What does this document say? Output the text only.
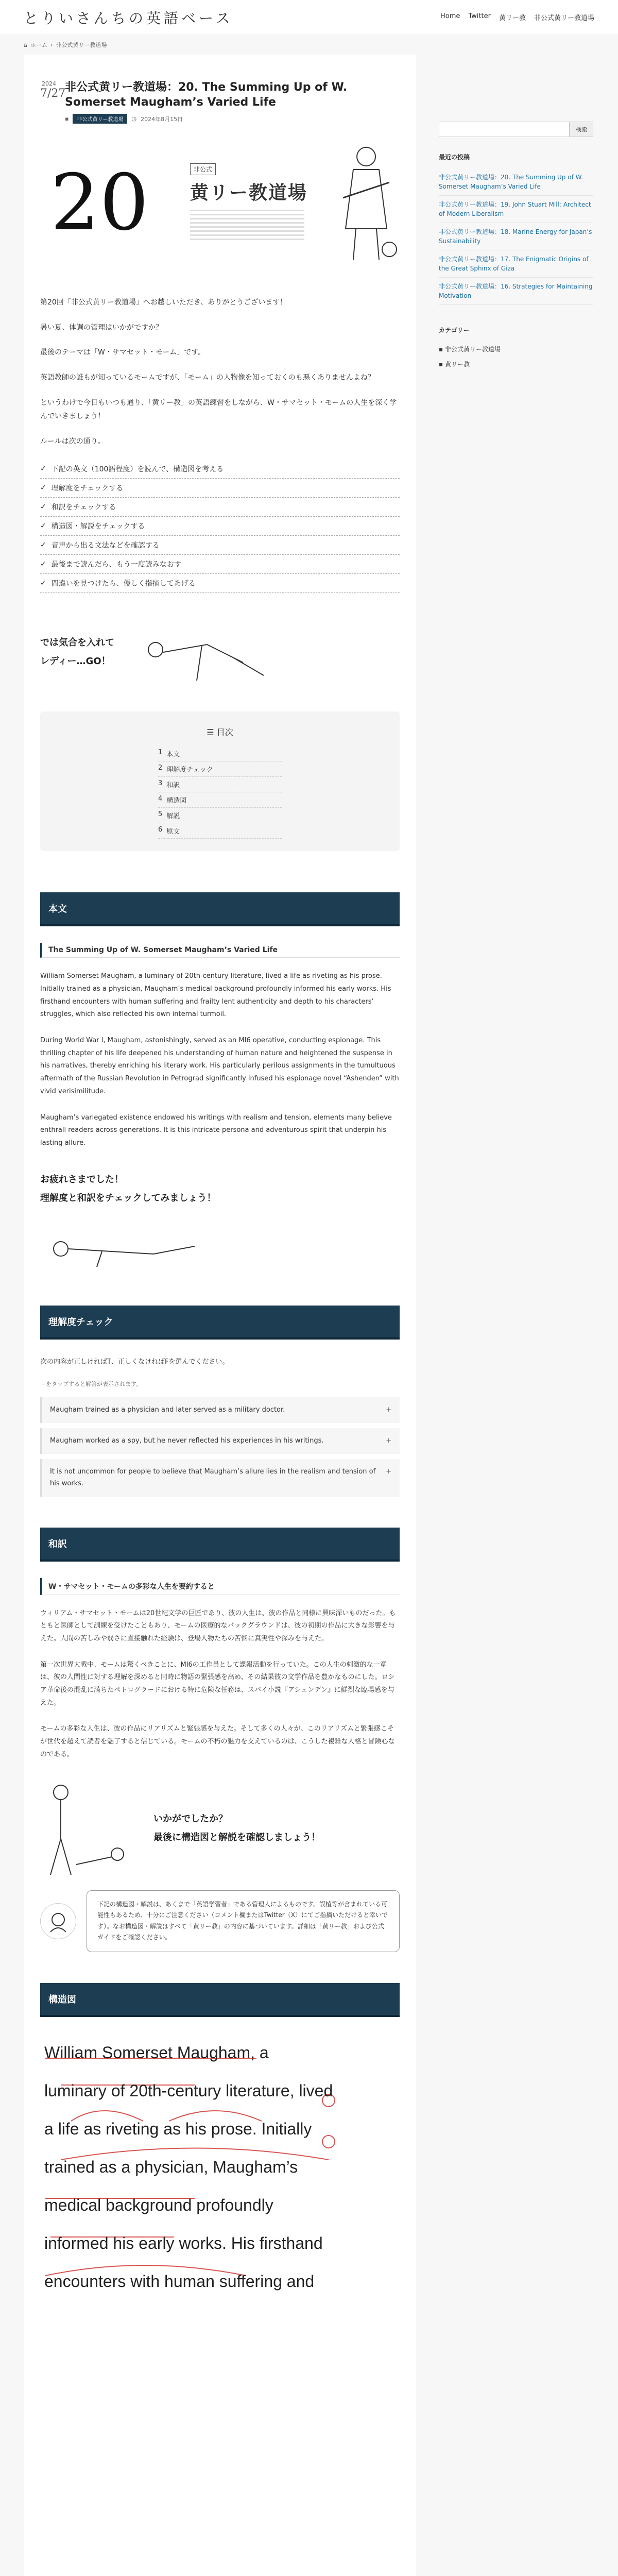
とりいさんちの英語ベース	Home Twitter 黄リー教 非公式黄リー教道場
⌂ ホーム › 非公式黄リー教道場
2024
7/27
非公式黄リー教道場：20. The Summing Up of W. Somerset Maugham’s Varied Life
▪	非公式黄リー教道場	◷ 2024年8月15日
20	非公式
黄リー教道場

第20回「非公式黄リー教道場」へお越しいただき、ありがとうございます！

暑い夏、体調の管理はいかがですか？

最後のテーマは「W・サマセット・モーム」です。

英語教師の誰もが知っているモームですが、「モーム」の人物像を知っておくのも悪くありませんよね？

というわけで今日もいつも通り、「黄リー教」の英語練習をしながら、W・サマセット・モームの人生を深く学んでいきましょう！

ルールは次の通り。

✓ 下記の英文（100語程度）を読んで、構造図を考える
✓ 理解度をチェックする
✓ 和訳をチェックする
✓ 構造図・解説をチェックする
✓ 音声から出る文法などを確認する
✓ 最後まで読んだら、もう一度読みなおす
✓ 間違いを見つけたら、優しく指摘してあげる
では気合を入れて
レディー…GO！
☰ 目次
1 本文
2 理解度チェック
3 和訳
4 構造図
5 解説
6 原文
本文
The Summing Up of W. Somerset Maugham’s Varied Life

William Somerset Maugham, a luminary of 20th-century literature, lived a life as riveting as his prose. Initially trained as a physician, Maugham’s medical background profoundly informed his early works. His firsthand encounters with human suffering and frailty lent authenticity and depth to his characters’ struggles, which also reflected his own internal turmoil.

During World War I, Maugham, astonishingly, served as an MI6 operative, conducting espionage. This thrilling chapter of his life deepened his understanding of human nature and heightened the suspense in his narratives, thereby enriching his literary work. His particularly perilous assignments in the tumultuous aftermath of the Russian Revolution in Petrograd significantly infused his espionage novel “Ashenden” with vivid verisimilitude.

Maugham’s variegated existence endowed his writings with realism and tension, elements many believe enthrall readers across generations. It is this intricate persona and adventurous spirit that underpin his lasting allure.

お疲れさまでした！
理解度と和訳をチェックしてみましょう！
理解度チェック

次の内容が正しければT、正しくなければFを選んでください。

＋をタップすると解答が表示されます。

Maugham trained as a physician and later served as a military doctor.	+
Maugham worked as a spy, but he never reflected his experiences in his writings.	+
It is not uncommon for people to believe that Maugham’s allure lies in the realism and tension of his works.
+
和訳
W・サマセット・モームの多彩な人生を要約すると

ウィリアム・サマセット・モームは20世紀文学の巨匠であり、彼の人生は、彼の作品と同様に興味深いものだった。もともと医師として訓練を受けたこともあり、モームの医療的なバックグラウンドは、彼の初期の作品に大きな影響を与えた。人間の苦しみや弱さに直接触れた経験は、登場人物たちの苦悩に真実性や深みを与えた。

第一次世界大戦中、モームは驚くべきことに、MI6の工作員として諜報活動を行っていた。この人生の刺激的な一章は、彼の人間性に対する理解を深めると同時に物語の緊張感を高め、その結果彼の文学作品を豊かなものにした。ロシア革命後の混乱に満ちたペトログラードにおける特に危険な任務は、スパイ小説『アシェンデン』に鮮烈な臨場感を与えた。

モームの多彩な人生は、彼の作品にリアリズムと緊張感を与えた。そして多くの人々が、このリアリズムと緊張感こそが世代を超えて読者を魅了すると信じている。モームの不朽の魅力を支えているのは、こうした複雑な人格と冒険心なのである。

いかがでしたか？
最後に構造図と解説を確認しましょう！
下記の構造図・解説は、あくまで「英語学習者」である管理人によるものです。誤植等が含まれている可能性もあるため、十分にご注意ください（コメント欄またはTwitter（X）にてご指摘いただけると幸いです）。なお構造図・解説はすべて「黄リー教」の内容に基づいています。詳細は「黄リー教」および公式ガイドをご確認ください。
構造図
William Somerset Maugham, a
luminary of 20th-century literature, lived
a life as riveting as his prose. Initially
trained as a physician, Maugham’s
medical background profoundly
informed his early works. His firsthand
encounters with human suffering and
検索
最近の投稿
非公式黄リー教道場：20. The Summing Up of W. Somerset Maugham’s Varied Life
非公式黄リー教道場：19. John Stuart Mill: Architect of Modern Liberalism
非公式黄リー教道場：18. Marine Energy for Japan’s Sustainability
非公式黄リー教道場：17. The Enigmatic Origins of the Great Sphinx of Giza
非公式黄リー教道場：16. Strategies for Maintaining Motivation
カテゴリー
▪ 非公式黄リー教道場
▪ 黄リー教
